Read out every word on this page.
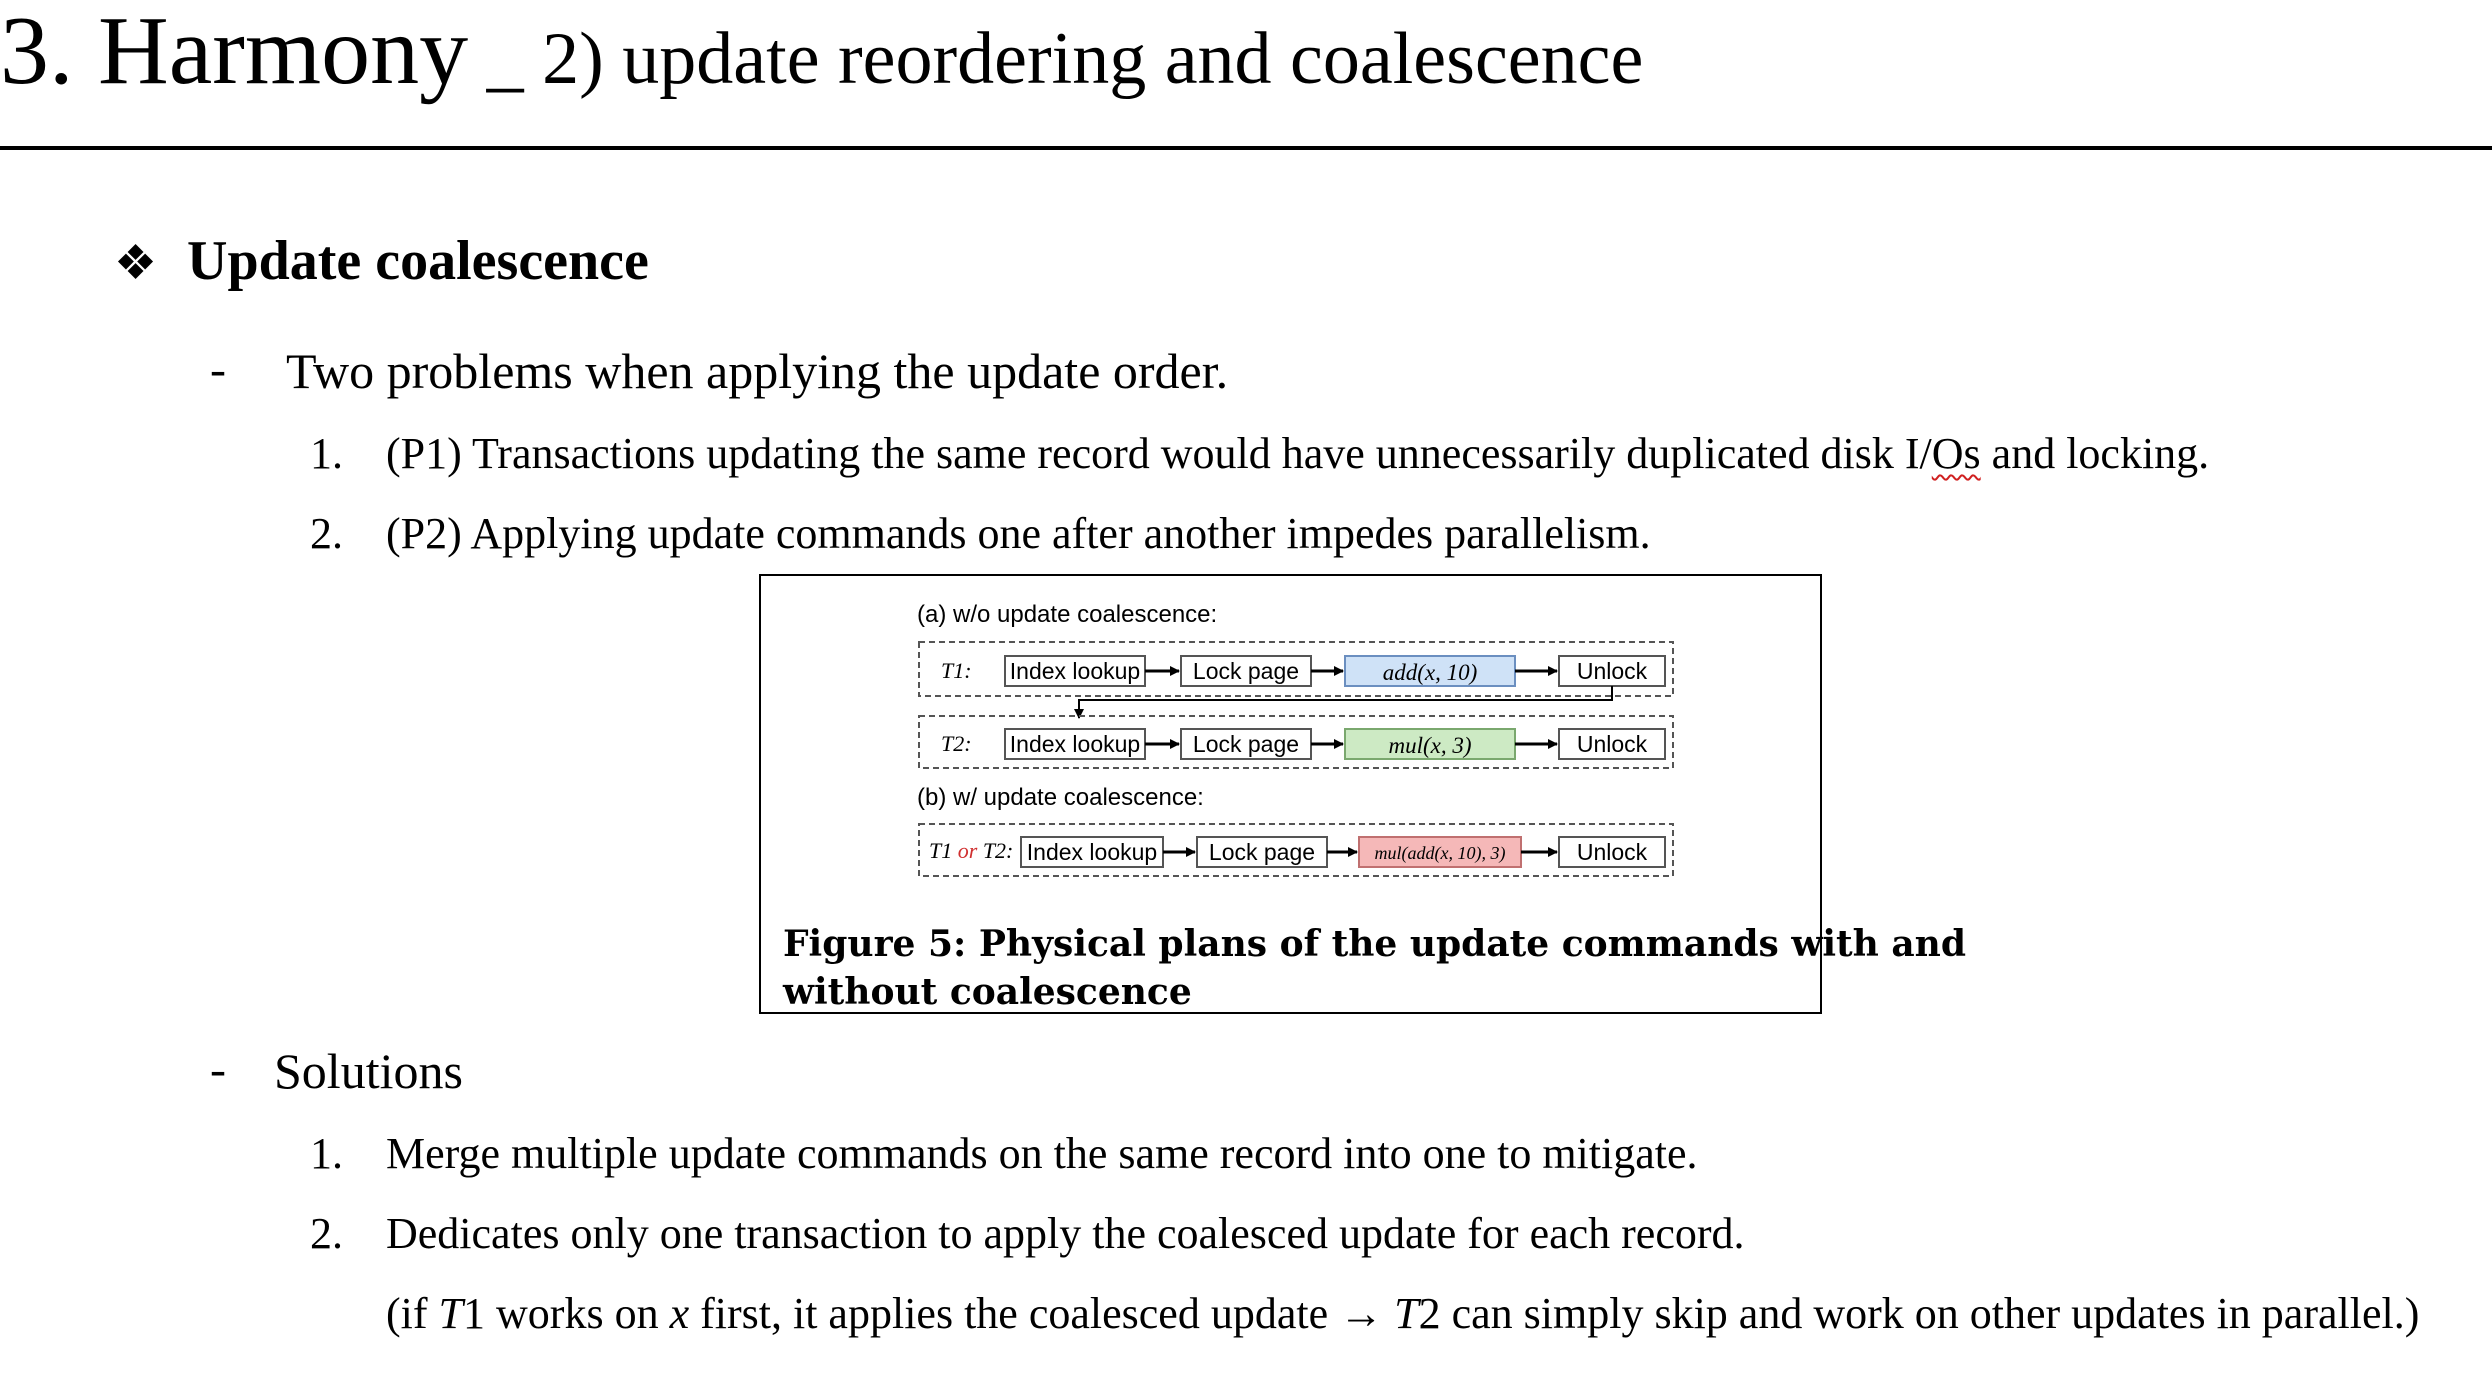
3. Harmony _ 2) update reordering and coalescence
❖ Update coalescence
- Two problems when applying the update order.
1. (P1) Transactions updating the same record would have unnecessarily duplicated disk I/Os and locking.
2. (P2) Applying update commands one after another impedes parallelism.
(a) w/o update coalescence:
T1: Index lookup Lock page	add(x, 10)	Unlock
T2: Index lookup Lock page	mul(x, 3)	Unlock
(b) w/ update coalescence:
T1 or T2: Index lookup Lock page	mul(add(x, 10), 3)	Unlock
Figure 5: Physical plans of the update commands with and
without coalescence
- Solutions
1. Merge multiple update commands on the same record into one to mitigate.
2. Dedicates only one transaction to apply the coalesced update for each record.
(if T1 works on x first, it applies the coalesced update → T2 can simply skip and work on other updates in parallel.)
